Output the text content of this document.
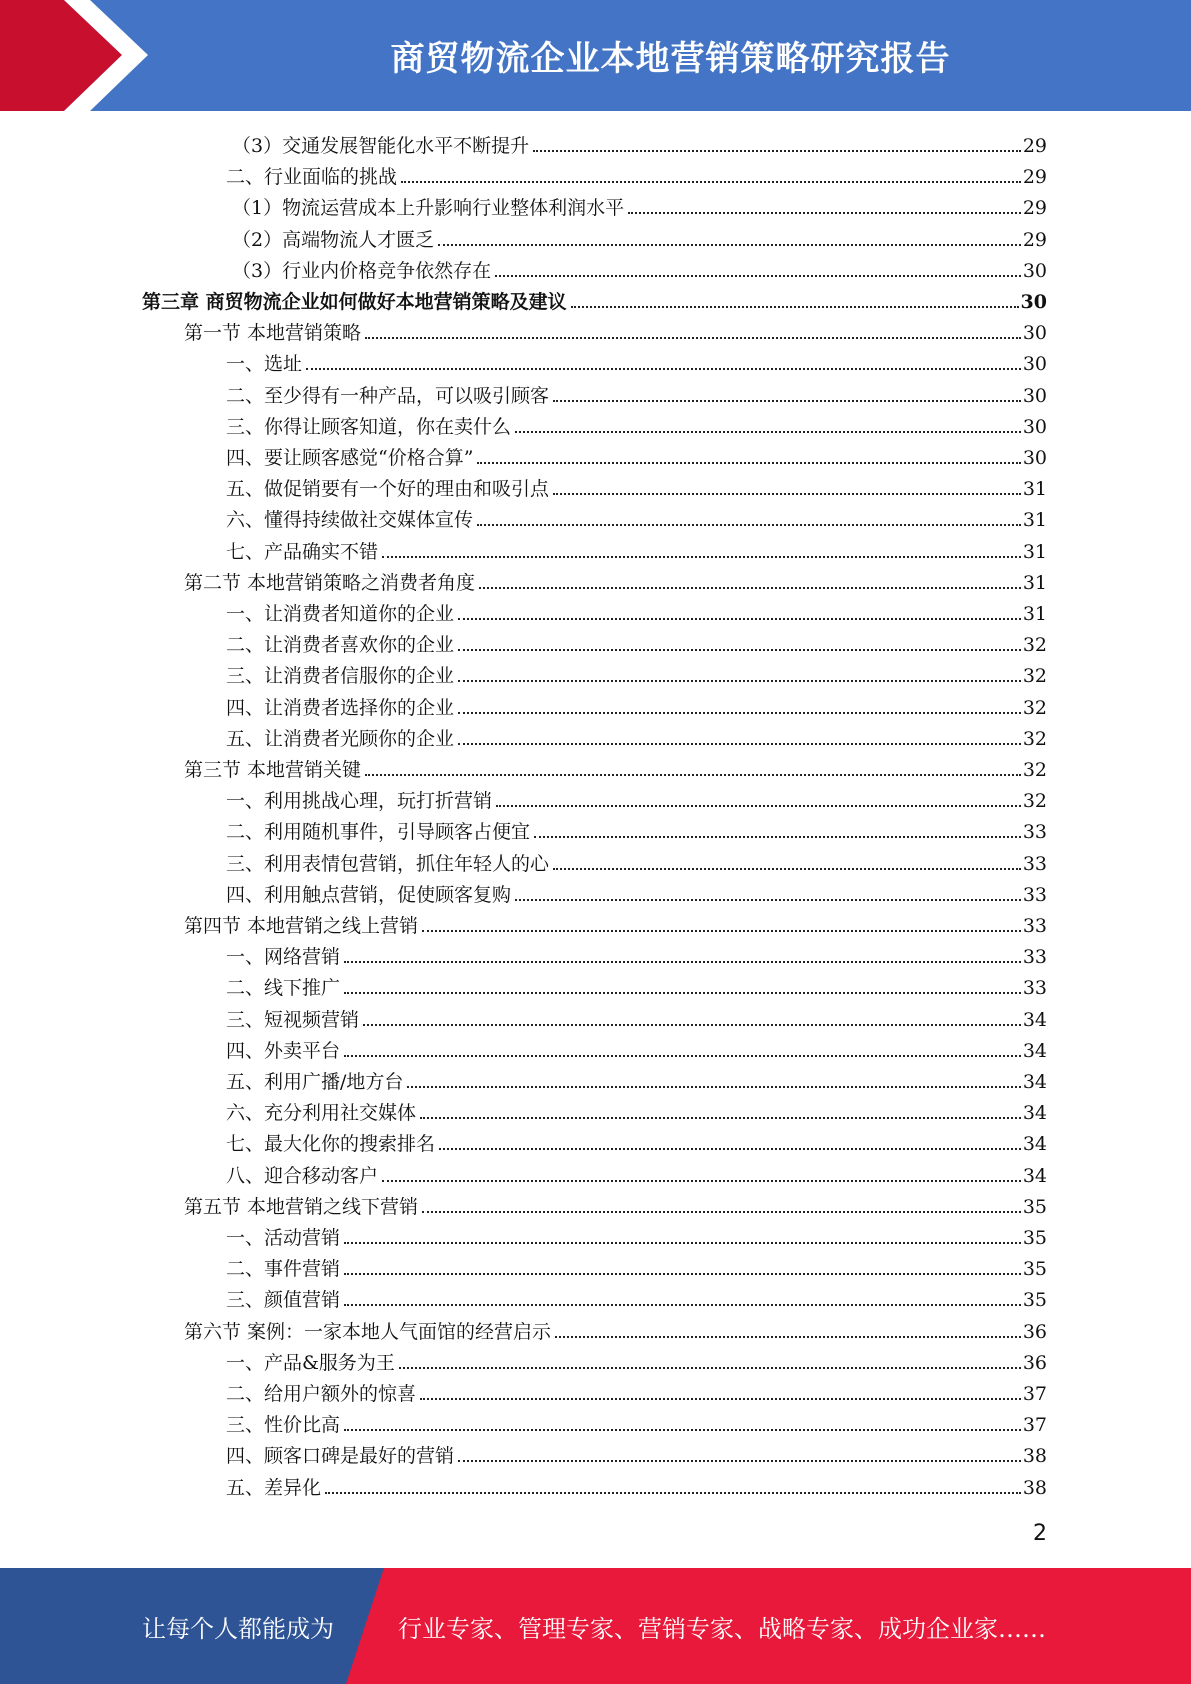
商贸物流企业本地营销策略研究报告
（3）交通发展智能化水平不断提升	29
二、行业面临的挑战	29
（1）物流运营成本上升影响行业整体利润水平	29
（2）高端物流人才匮乏	29
（3）行业内价格竞争依然存在	30
第三章 商贸物流企业如何做好本地营销策略及建议	30
第一节 本地营销策略	30
一、选址	30
二、至少得有一种产品，可以吸引顾客	30
三、你得让顾客知道，你在卖什么	30
四、要让顾客感觉“价格合算”	30
五、做促销要有一个好的理由和吸引点	31
六、懂得持续做社交媒体宣传	31
七、产品确实不错	31
第二节 本地营销策略之消费者角度	31
一、让消费者知道你的企业	31
二、让消费者喜欢你的企业	32
三、让消费者信服你的企业	32
四、让消费者选择你的企业	32
五、让消费者光顾你的企业	32
第三节 本地营销关键	32
一、利用挑战心理，玩打折营销	32
二、利用随机事件，引导顾客占便宜	33
三、利用表情包营销，抓住年轻人的心	33
四、利用触点营销，促使顾客复购	33
第四节 本地营销之线上营销	33
一、网络营销	33
二、线下推广	33
三、短视频营销	34
四、外卖平台	34
五、利用广播/地方台	34
六、充分利用社交媒体	34
七、最大化你的搜索排名	34
八、迎合移动客户	34
第五节 本地营销之线下营销	35
一、活动营销	35
二、事件营销	35
三、颜值营销	35
第六节 案例：一家本地人气面馆的经营启示	36
一、产品&服务为王	36
二、给用户额外的惊喜	37
三、性价比高	37
四、顾客口碑是最好的营销	38
五、差异化	38
2
让每个人都能成为	行业专家、管理专家、营销专家、战略专家、成功企业家……
